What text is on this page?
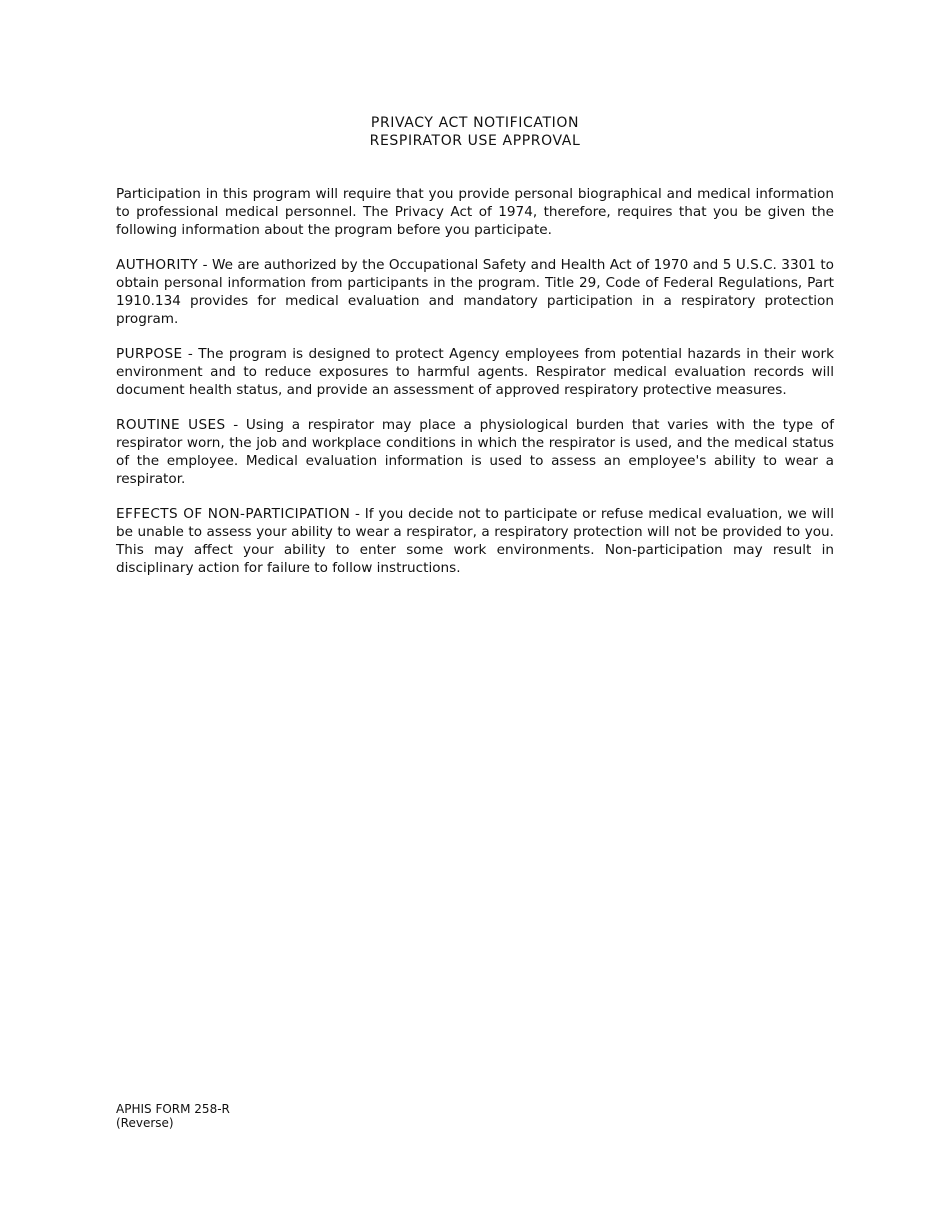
PRIVACY ACT NOTIFICATION
RESPIRATOR USE APPROVAL

Participation in this program will require that you provide personal biographical and medical information to professional medical personnel. The Privacy Act of 1974, therefore, requires that you be given the following information about the program before you participate.

AUTHORITY - We are authorized by the Occupational Safety and Health Act of 1970 and 5 U.S.C. 3301 to obtain personal information from participants in the program. Title 29, Code of Federal Regulations, Part 1910.134 provides for medical evaluation and mandatory participation in a respiratory protection program.

PURPOSE - The program is designed to protect Agency employees from potential hazards in their work environment and to reduce exposures to harmful agents. Respirator medical evaluation records will document health status, and provide an assessment of approved respiratory protective measures.

ROUTINE USES - Using a respirator may place a physiological burden that varies with the type of respirator worn, the job and workplace conditions in which the respirator is used, and the medical status of the employee. Medical evaluation information is used to assess an employee's ability to wear a respirator.

EFFECTS OF NON-PARTICIPATION - If you decide not to participate or refuse medical evaluation, we will be unable to assess your ability to wear a respirator, a respiratory protection will not be provided to you. This may affect your ability to enter some work environments. Non-participation may result in disciplinary action for failure to follow instructions.

APHIS FORM 258-R
(Reverse)
